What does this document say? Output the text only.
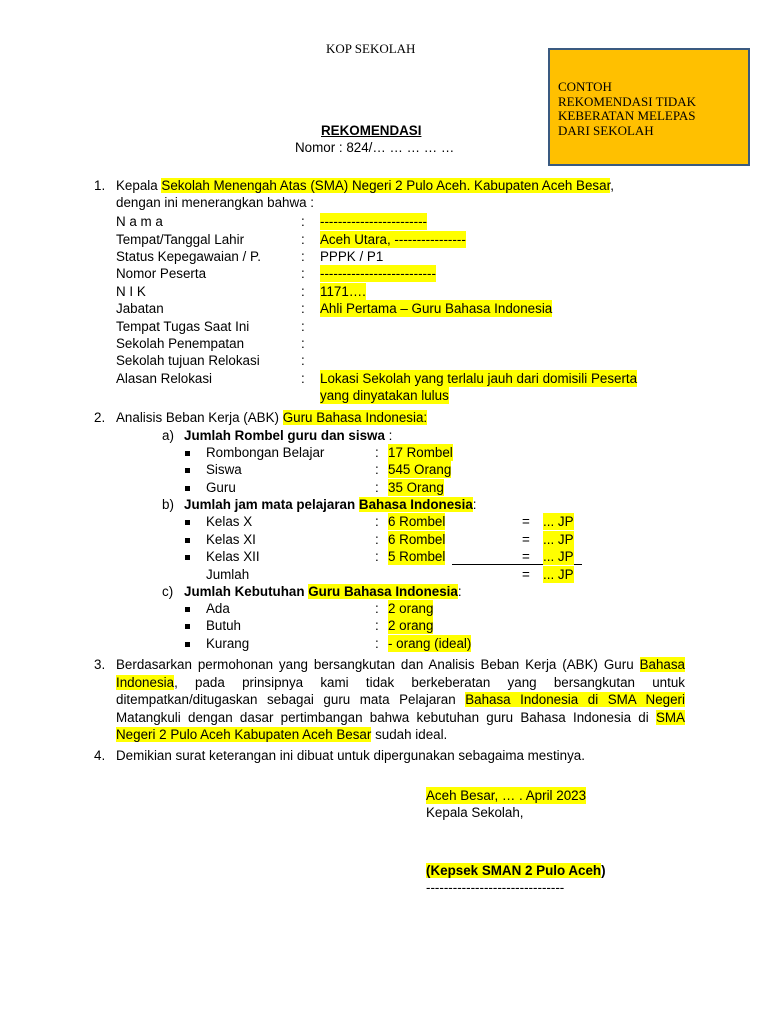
KOP SEKOLAH
CONTOH
REKOMENDASI TIDAK
KEBERATAN MELEPAS
DARI SEKOLAH
REKOMENDASI
Nomor : 824/… … … … …
1. Kepala Sekolah Menengah Atas (SMA) Negeri 2 Pulo Aceh. Kabupaten Aceh Besar,
dengan ini menerangkan bahwa :
N a m a	: ------------------------
Tempat/Tanggal Lahir	: Aceh Utara, ----------------
Status Kepegawaian / P.	: PPPK / P1
Nomor Peserta	: --------------------------
N I K	: 1171….
Jabatan	: Ahli Pertama – Guru Bahasa Indonesia
Tempat Tugas Saat Ini	:
Sekolah Penempatan	:
Sekolah tujuan Relokasi	:
Alasan Relokasi	: Lokasi Sekolah yang terlalu jauh dari domisili Peserta
yang dinyatakan lulus
2. Analisis Beban Kerja (ABK) Guru Bahasa Indonesia:
a) Jumlah Rombel guru dan siswa :
Rombongan Belajar	: 17 Rombel
Siswa	: 545 Orang
Guru	: 35 Orang
b) Jumlah jam mata pelajaran Bahasa Indonesia:
Kelas X	: 6 Rombel	= ... JP
Kelas XI	: 6 Rombel	= ... JP
Kelas XII	: 5 Rombel	= ... JP
Jumlah	= ... JP
c) Jumlah Kebutuhan Guru Bahasa Indonesia:
Ada	: 2 orang
Butuh	: 2 orang
Kurang	: - orang (ideal)
3. Berdasarkan permohonan yang bersangkutan dan Analisis Beban Kerja (ABK) Guru Bahasa Indonesia, pada prinsipnya kami tidak berkeberatan yang bersangkutan untuk ditempatkan/ditugaskan sebagai guru mata Pelajaran Bahasa Indonesia di SMA Negeri Matangkuli dengan dasar pertimbangan bahwa kebutuhan guru Bahasa Indonesia di SMA Negeri 2 Pulo Aceh Kabupaten Aceh Besar sudah ideal.
4. Demikian surat keterangan ini dibuat untuk dipergunakan sebagaima mestinya.
Aceh Besar, … . April 2023
Kepala Sekolah,
(Kepsek SMAN 2 Pulo Aceh)
-------------------------------
